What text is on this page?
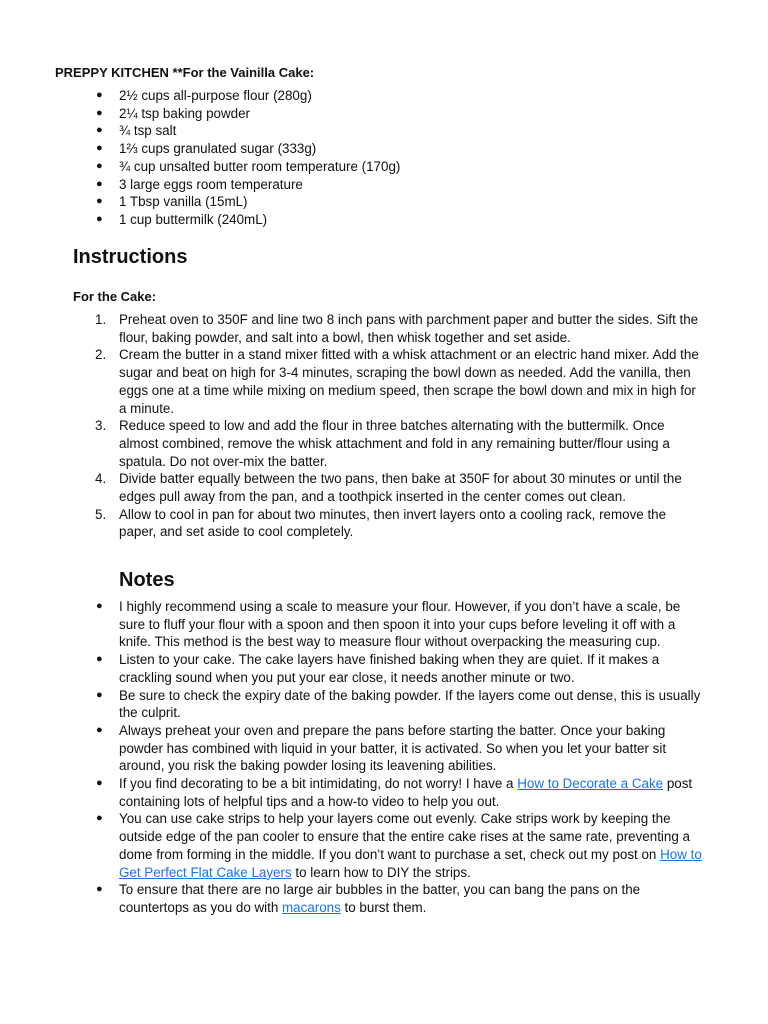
PREPPY KITCHEN **For the Vainilla Cake:
● 2½ cups all-purpose flour (280g)
● 2¼ tsp baking powder
● ¾ tsp salt
● 1⅔ cups granulated sugar (333g)
● ¾ cup unsalted butter room temperature (170g)
● 3 large eggs room temperature
● 1 Tbsp vanilla (15mL)
● 1 cup buttermilk (240mL)
Instructions
For the Cake:
1. Preheat oven to 350F and line two 8 inch pans with parchment paper and butter the sides. Sift the flour, baking powder, and salt into a bowl, then whisk together and set aside.
2. Cream the butter in a stand mixer fitted with a whisk attachment or an electric hand mixer. Add the sugar and beat on high for 3-4 minutes, scraping the bowl down as needed. Add the vanilla, then eggs one at a time while mixing on medium speed, then scrape the bowl down and mix in high for a minute.
3. Reduce speed to low and add the flour in three batches alternating with the buttermilk. Once almost combined, remove the whisk attachment and fold in any remaining butter/flour using a spatula. Do not over-mix the batter.
4. Divide batter equally between the two pans, then bake at 350F for about 30 minutes or until the edges pull away from the pan, and a toothpick inserted in the center comes out clean.
5. Allow to cool in pan for about two minutes, then invert layers onto a cooling rack, remove the paper, and set aside to cool completely.
Notes
● I highly recommend using a scale to measure your flour. However, if you don’t have a scale, be sure to fluff your flour with a spoon and then spoon it into your cups before leveling it off with a knife. This method is the best way to measure flour without overpacking the measuring cup.
● Listen to your cake. The cake layers have finished baking when they are quiet. If it makes a crackling sound when you put your ear close, it needs another minute or two.
● Be sure to check the expiry date of the baking powder. If the layers come out dense, this is usually the culprit.
● Always preheat your oven and prepare the pans before starting the batter. Once your baking powder has combined with liquid in your batter, it is activated. So when you let your batter sit around, you risk the baking powder losing its leavening abilities.
● If you find decorating to be a bit intimidating, do not worry! I have a How to Decorate a Cake post containing lots of helpful tips and a how-to video to help you out.
● You can use cake strips to help your layers come out evenly. Cake strips work by keeping the outside edge of the pan cooler to ensure that the entire cake rises at the same rate, preventing a dome from forming in the middle. If you don’t want to purchase a set, check out my post on How to Get Perfect Flat Cake Layers to learn how to DIY the strips.
● To ensure that there are no large air bubbles in the batter, you can bang the pans on the countertops as you do with macarons to burst them.
